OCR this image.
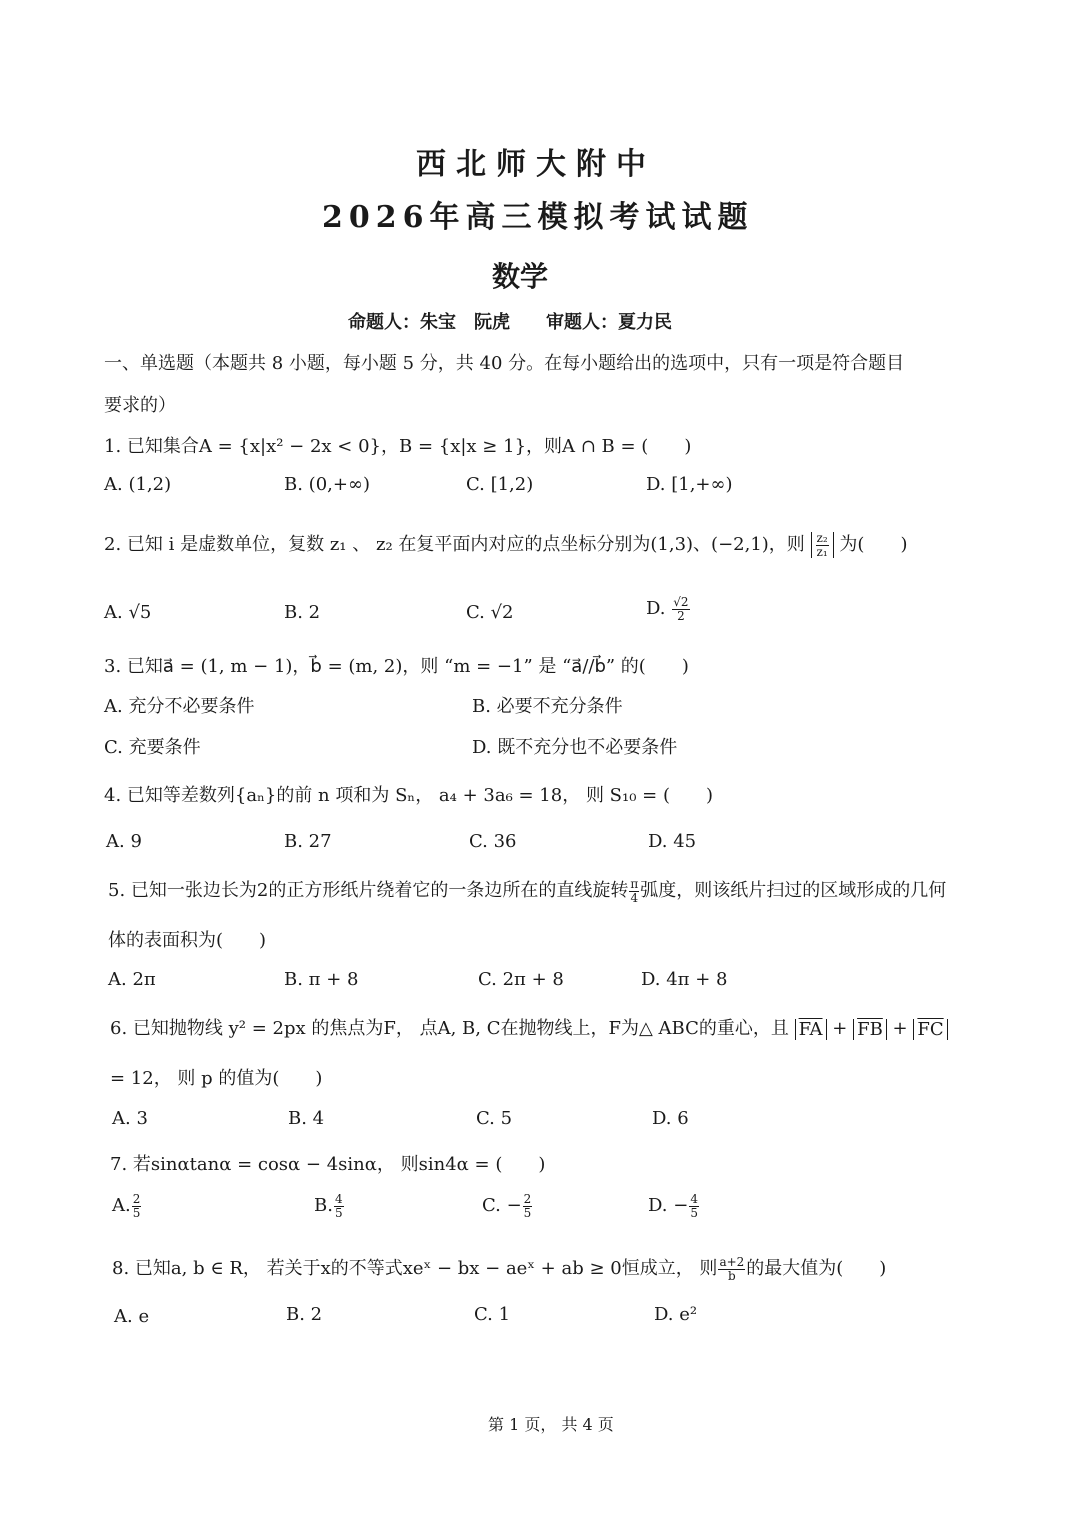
西北师大附中
2026年高三模拟考试试题
数学
命题人：朱宝　阮虎　　审题人：夏力民
一、单选题（本题共 8 小题，每小题 5 分，共 40 分。在每小题给出的选项中，只有一项是符合题目
要求的）
1. 已知集合A = {x|x² − 2x < 0}，B = {x|x ≥ 1}，则A ∩ B = (　　)
A. (1,2)	B. (0,+∞)	C. [1,2)	D. [1,+∞)
2. 已知 i 是虚数单位，复数 z₁ 、 z₂ 在复平面内对应的点坐标分别为(1,3)、(−2,1)，则 $\frac{\text{z₂}}{\text{z₁}}$ 为(　　)
A. √5	B. 2	C. √2	D. $\frac{√2}{2}$
3. 已知a⃗ = (1, m − 1)，b⃗ = (m, 2)，则 “m = −1” 是 “a⃗//b⃗” 的(　　)
A. 充分不必要条件	B. 必要不充分条件
C. 充要条件	D. 既不充分也不必要条件
4. 已知等差数列{aₙ}的前 n 项和为 Sₙ， a₄ + 3a₆ = 18， 则 S₁₀ = (　　)
A. 9	B. 27	C. 36	D. 45
5. 已知一张边长为2的正方形纸片绕着它的一条边所在的直线旋转 $\frac{\pi}{4}$ 弧度，则该纸片扫过的区域形成的几何
体的表面积为(　　)
A. 2π	B. π + 8	C. 2π + 8	D. 4π + 8
6. 已知抛物线 y² = 2px 的焦点为F， 点A, B, C在抛物线上，F为△ ABC的重心，且 $\overline{FA} + \overline{FB} + \overline{FC}$
= 12， 则 p 的值为(　　)
A. 3	B. 4	C. 5	D. 6
7. 若sinαtanα = cosα − 4sinα， 则sin4α = (　　)
A. $\frac{2}{5}$	B. $\frac{4}{5}$	C. − $\frac{2}{5}$	D. − $\frac{4}{5}$
8. 已知a, b ∈ R， 若关于x的不等式xeˣ − bx − aeˣ + ab ≥ 0恒成立， 则 $\frac{a+2}{b}$ 的最大值为(　　)
A. e	B. 2	C. 1	D. e²
第 1 页， 共 4 页
